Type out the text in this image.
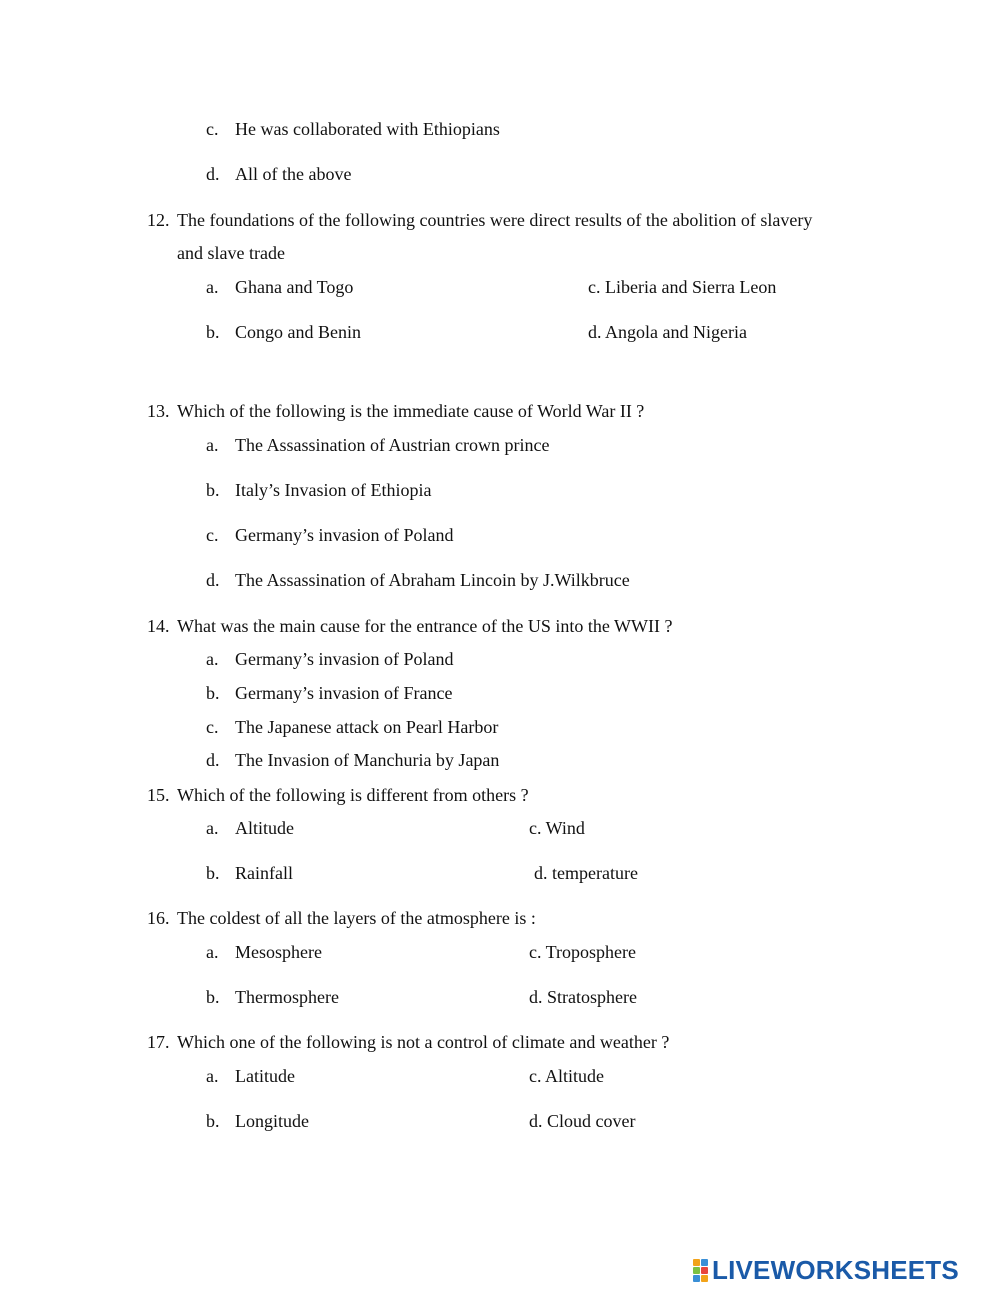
c. He was collaborated with Ethiopians
d. All of the above
12. The foundations of the following countries were direct results of the abolition of slavery
and slave trade
a. Ghana and Togo	c. Liberia and Sierra Leon
b. Congo and Benin	d. Angola and Nigeria
13. Which of the following is the immediate cause of World War II ?
a. The Assassination of Austrian crown prince
b. Italy’s Invasion of Ethiopia
c. Germany’s invasion of Poland
d. The Assassination of Abraham Lincoin by J.Wilkbruce
14. What was the main cause for the entrance of the US into the WWII ?
a. Germany’s invasion of Poland
b. Germany’s invasion of France
c. The Japanese attack on Pearl Harbor
d. The Invasion of Manchuria by Japan
15. Which of the following is different from others ?
a. Altitude	c. Wind
b. Rainfall	d. temperature
16. The coldest of all the layers of the atmosphere is :
a. Mesosphere	c. Troposphere
b. Thermosphere	d. Stratosphere
17. Which one of the following is not a control of climate and weather ?
a. Latitude	c. Altitude
b. Longitude	d. Cloud cover
LIVEWORKSHEETS
